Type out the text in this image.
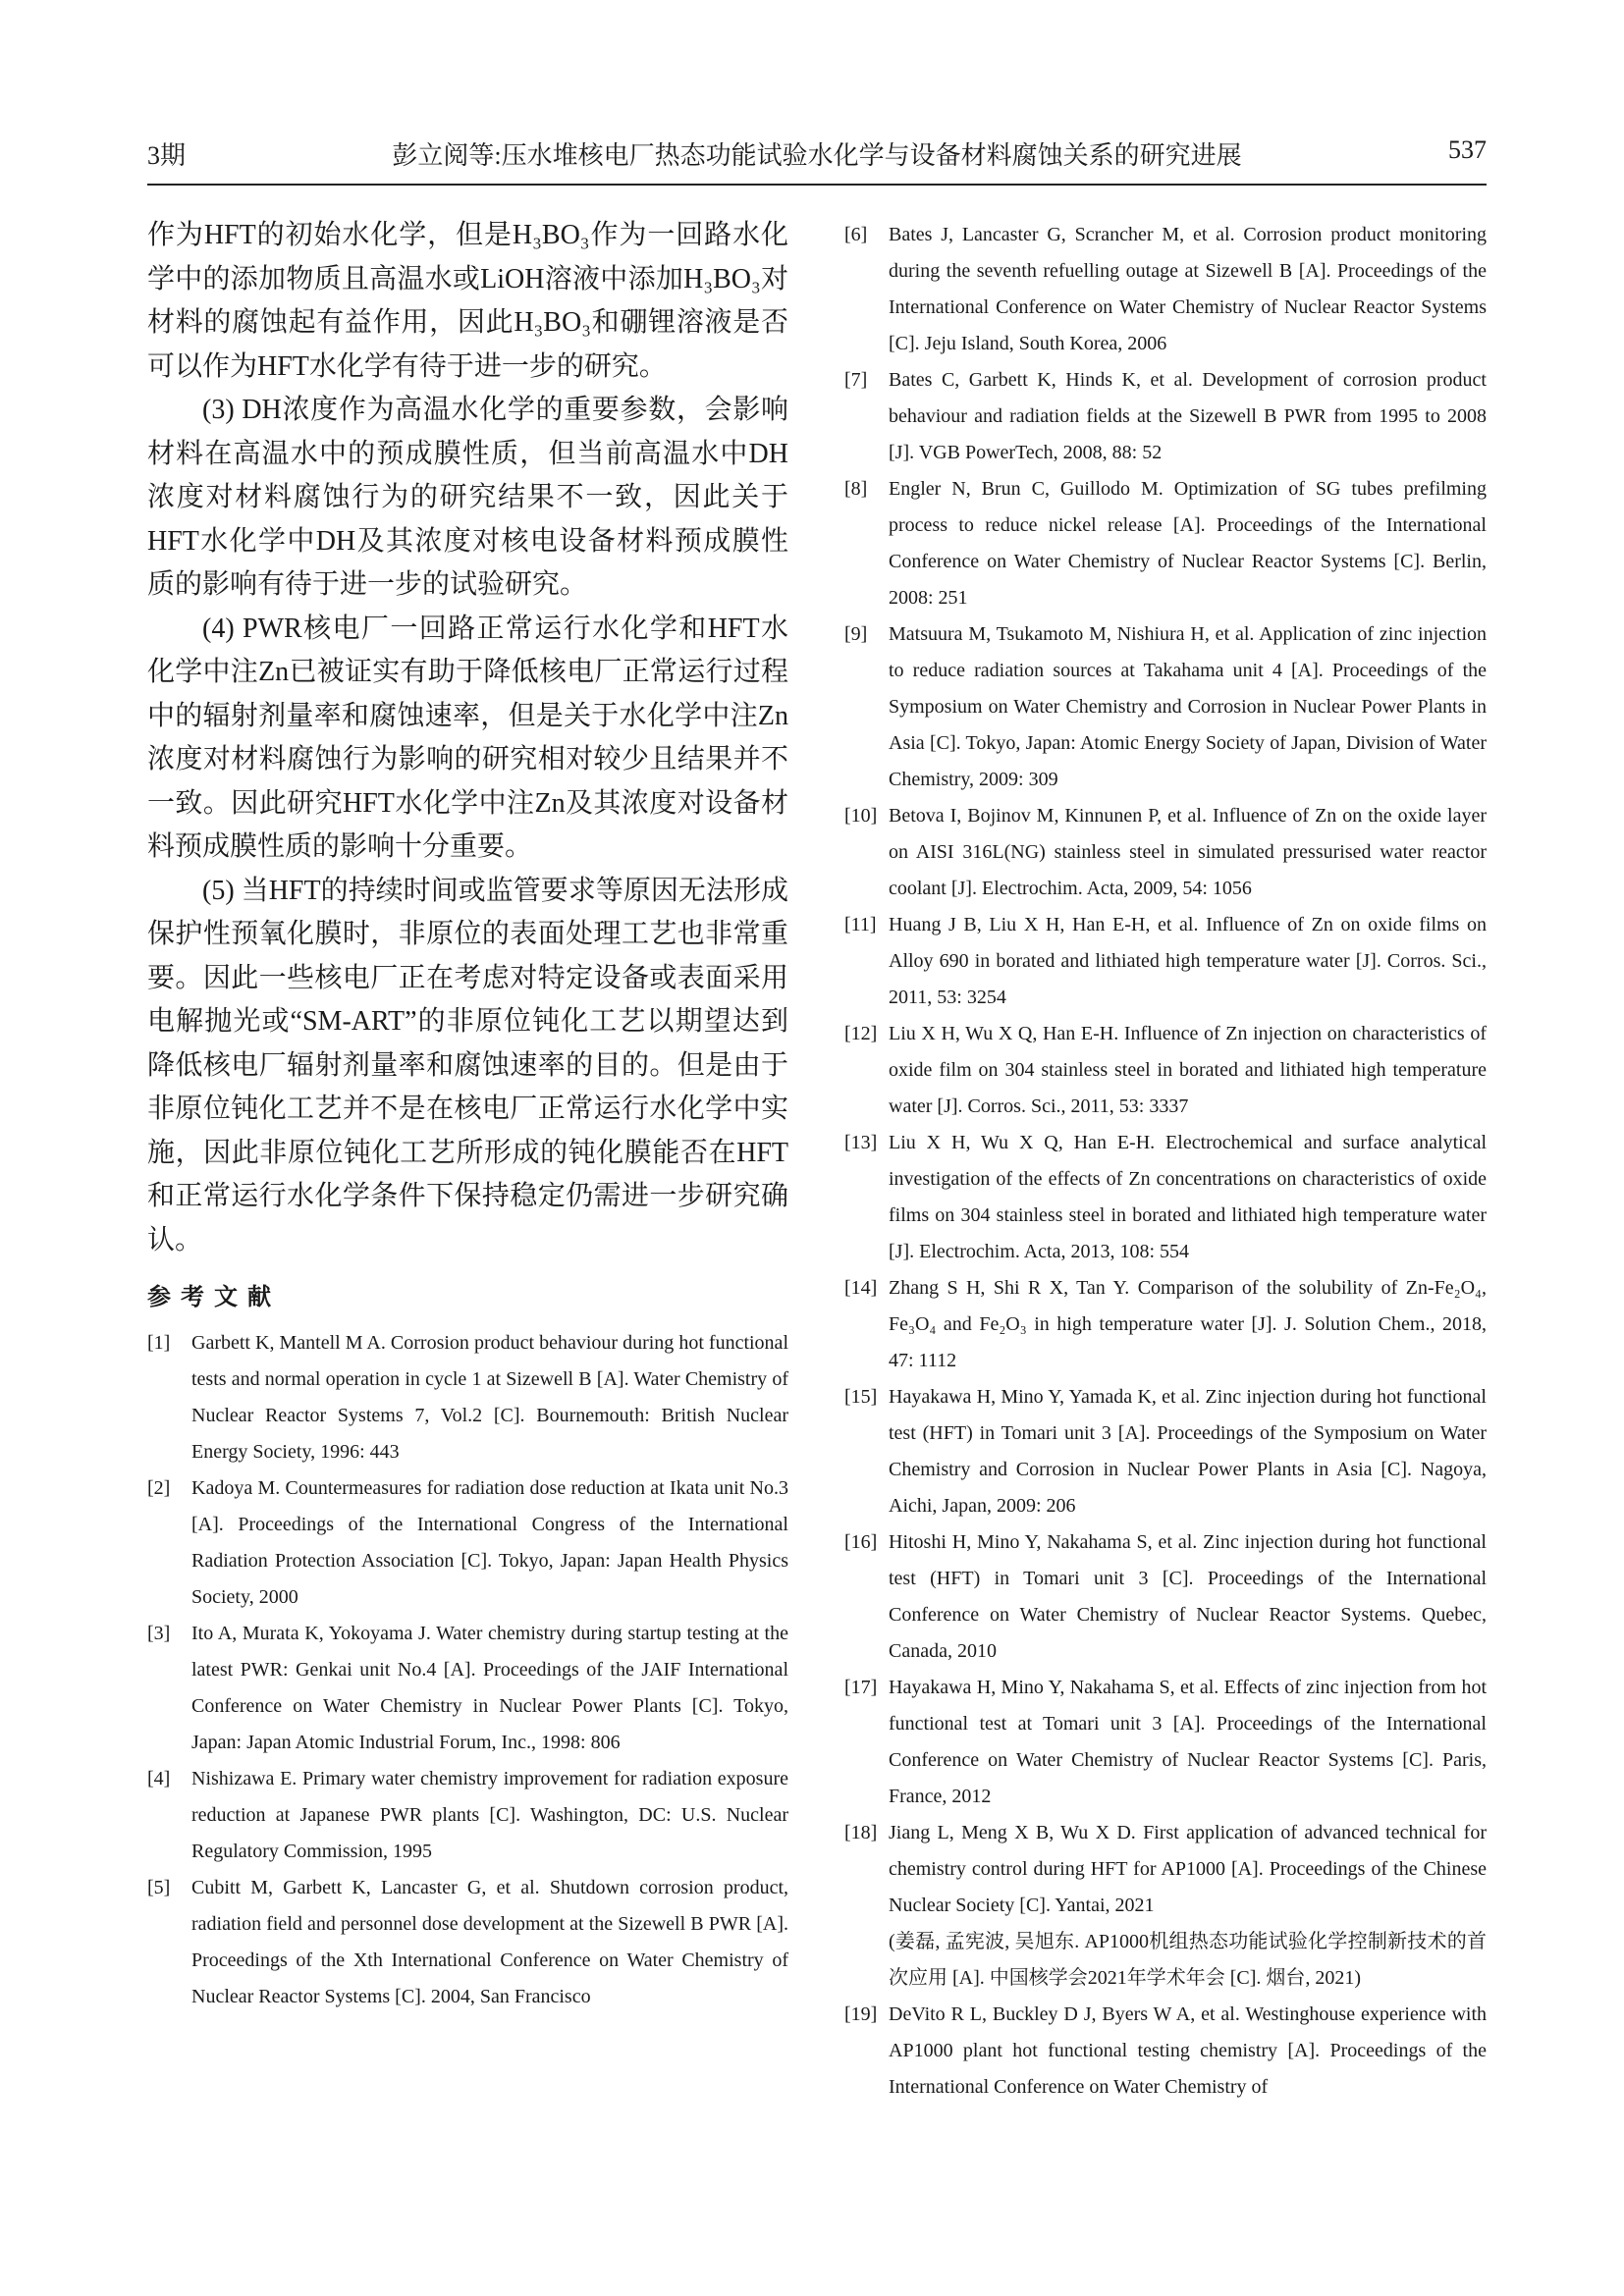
3期	彭立阅等:压水堆核电厂热态功能试验水化学与设备材料腐蚀关系的研究进展	537

作为HFT的初始水化学，但是H₃BO₃作为一回路水化学中的添加物质且高温水或LiOH溶液中添加H₃BO₃对材料的腐蚀起有益作用，因此H₃BO₃和硼锂溶液是否可以作为HFT水化学有待于进一步的研究。

(3) DH浓度作为高温水化学的重要参数，会影响材料在高温水中的预成膜性质，但当前高温水中DH浓度对材料腐蚀行为的研究结果不一致，因此关于HFT水化学中DH及其浓度对核电设备材料预成膜性质的影响有待于进一步的试验研究。

(4) PWR核电厂一回路正常运行水化学和HFT水化学中注Zn已被证实有助于降低核电厂正常运行过程中的辐射剂量率和腐蚀速率，但是关于水化学中注Zn浓度对材料腐蚀行为影响的研究相对较少且结果并不一致。因此研究HFT水化学中注Zn及其浓度对设备材料预成膜性质的影响十分重要。

(5) 当HFT的持续时间或监管要求等原因无法形成保护性预氧化膜时，非原位的表面处理工艺也非常重要。因此一些核电厂正在考虑对特定设备或表面采用电解抛光或“SM-ART”的非原位钝化工艺以期望达到降低核电厂辐射剂量率和腐蚀速率的目的。但是由于非原位钝化工艺并不是在核电厂正常运行水化学中实施，因此非原位钝化工艺所形成的钝化膜能否在HFT和正常运行水化学条件下保持稳定仍需进一步研究确认。

参考文献
[1] Garbett K, Mantell M A. Corrosion product behaviour during hot functional tests and normal operation in cycle 1 at Sizewell B [A]. Water Chemistry of Nuclear Reactor Systems 7, Vol.2 [C]. Bournemouth: British Nuclear Energy Society, 1996: 443
[2] Kadoya M. Countermeasures for radiation dose reduction at Ikata unit No.3 [A]. Proceedings of the International Congress of the International Radiation Protection Association [C]. Tokyo, Japan: Japan Health Physics Society, 2000
[3] Ito A, Murata K, Yokoyama J. Water chemistry during startup testing at the latest PWR: Genkai unit No.4 [A]. Proceedings of the JAIF International Conference on Water Chemistry in Nuclear Power Plants [C]. Tokyo, Japan: Japan Atomic Industrial Forum, Inc., 1998: 806
[4] Nishizawa E. Primary water chemistry improvement for radiation exposure reduction at Japanese PWR plants [C]. Washington, DC: U.S. Nuclear Regulatory Commission, 1995
[5] Cubitt M, Garbett K, Lancaster G, et al. Shutdown corrosion product, radiation field and personnel dose development at the Sizewell B PWR [A]. Proceedings of the Xth International Conference on Water Chemistry of Nuclear Reactor Systems [C]. 2004, San Francisco
[6] Bates J, Lancaster G, Scrancher M, et al. Corrosion product monitoring during the seventh refuelling outage at Sizewell B [A]. Proceedings of the International Conference on Water Chemistry of Nuclear Reactor Systems [C]. Jeju Island, South Korea, 2006
[7] Bates C, Garbett K, Hinds K, et al. Development of corrosion product behaviour and radiation fields at the Sizewell B PWR from 1995 to 2008 [J]. VGB PowerTech, 2008, 88: 52
[8] Engler N, Brun C, Guillodo M. Optimization of SG tubes prefilming process to reduce nickel release [A]. Proceedings of the International Conference on Water Chemistry of Nuclear Reactor Systems [C]. Berlin, 2008: 251
[9] Matsuura M, Tsukamoto M, Nishiura H, et al. Application of zinc injection to reduce radiation sources at Takahama unit 4 [A]. Proceedings of the Symposium on Water Chemistry and Corrosion in Nuclear Power Plants in Asia [C]. Tokyo, Japan: Atomic Energy Society of Japan, Division of Water Chemistry, 2009: 309
[10] Betova I, Bojinov M, Kinnunen P, et al. Influence of Zn on the oxide layer on AISI 316L(NG) stainless steel in simulated pressurised water reactor coolant [J]. Electrochim. Acta, 2009, 54: 1056
[11] Huang J B, Liu X H, Han E-H, et al. Influence of Zn on oxide films on Alloy 690 in borated and lithiated high temperature water [J]. Corros. Sci., 2011, 53: 3254
[12] Liu X H, Wu X Q, Han E-H. Influence of Zn injection on characteristics of oxide film on 304 stainless steel in borated and lithiated high temperature water [J]. Corros. Sci., 2011, 53: 3337
[13] Liu X H, Wu X Q, Han E-H. Electrochemical and surface analytical investigation of the effects of Zn concentrations on characteristics of oxide films on 304 stainless steel in borated and lithiated high temperature water [J]. Electrochim. Acta, 2013, 108: 554
[14] Zhang S H, Shi R X, Tan Y. Comparison of the solubility of Zn-Fe₂O₄, Fe₃O₄ and Fe₂O₃ in high temperature water [J]. J. Solution Chem., 2018, 47: 1112
[15] Hayakawa H, Mino Y, Yamada K, et al. Zinc injection during hot functional test (HFT) in Tomari unit 3 [A]. Proceedings of the Symposium on Water Chemistry and Corrosion in Nuclear Power Plants in Asia [C]. Nagoya, Aichi, Japan, 2009: 206
[16] Hitoshi H, Mino Y, Nakahama S, et al. Zinc injection during hot functional test (HFT) in Tomari unit 3 [C]. Proceedings of the International Conference on Water Chemistry of Nuclear Reactor Systems. Quebec, Canada, 2010
[17] Hayakawa H, Mino Y, Nakahama S, et al. Effects of zinc injection from hot functional test at Tomari unit 3 [A]. Proceedings of the International Conference on Water Chemistry of Nuclear Reactor Systems [C]. Paris, France, 2012
[18] Jiang L, Meng X B, Wu X D. First application of advanced technical for chemistry control during HFT for AP1000 [A]. Proceedings of the Chinese Nuclear Society [C]. Yantai, 2021
(姜磊, 孟宪波, 吴旭东. AP1000机组热态功能试验化学控制新技术的首次应用 [A]. 中国核学会2021年学术年会 [C]. 烟台, 2021)
[19] DeVito R L, Buckley D J, Byers W A, et al. Westinghouse experience with AP1000 plant hot functional testing chemistry [A]. Proceedings of the International Conference on Water Chemistry of
